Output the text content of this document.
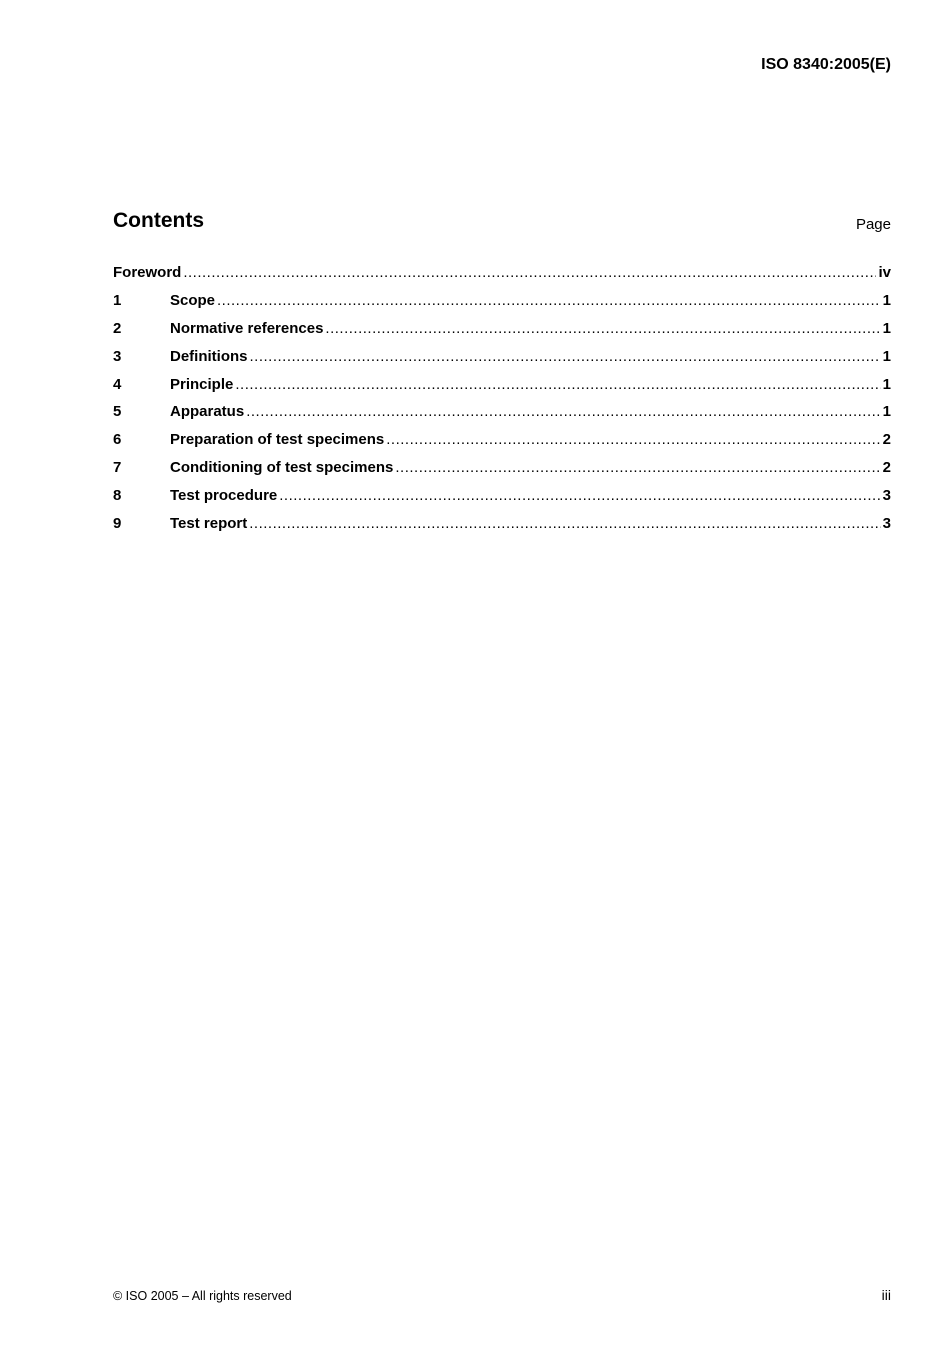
ISO 8340:2005(E)
Contents	Page
Foreword .....	iv
1	Scope .....	1
2	Normative references .....	1
3	Definitions .....	1
4	Principle .....	1
5	Apparatus .....	1
6	Preparation of test specimens .....	2
7	Conditioning of test specimens .....	2
8	Test procedure .....	3
9	Test report .....	3
© ISO 2005 – All rights reserved	iii
